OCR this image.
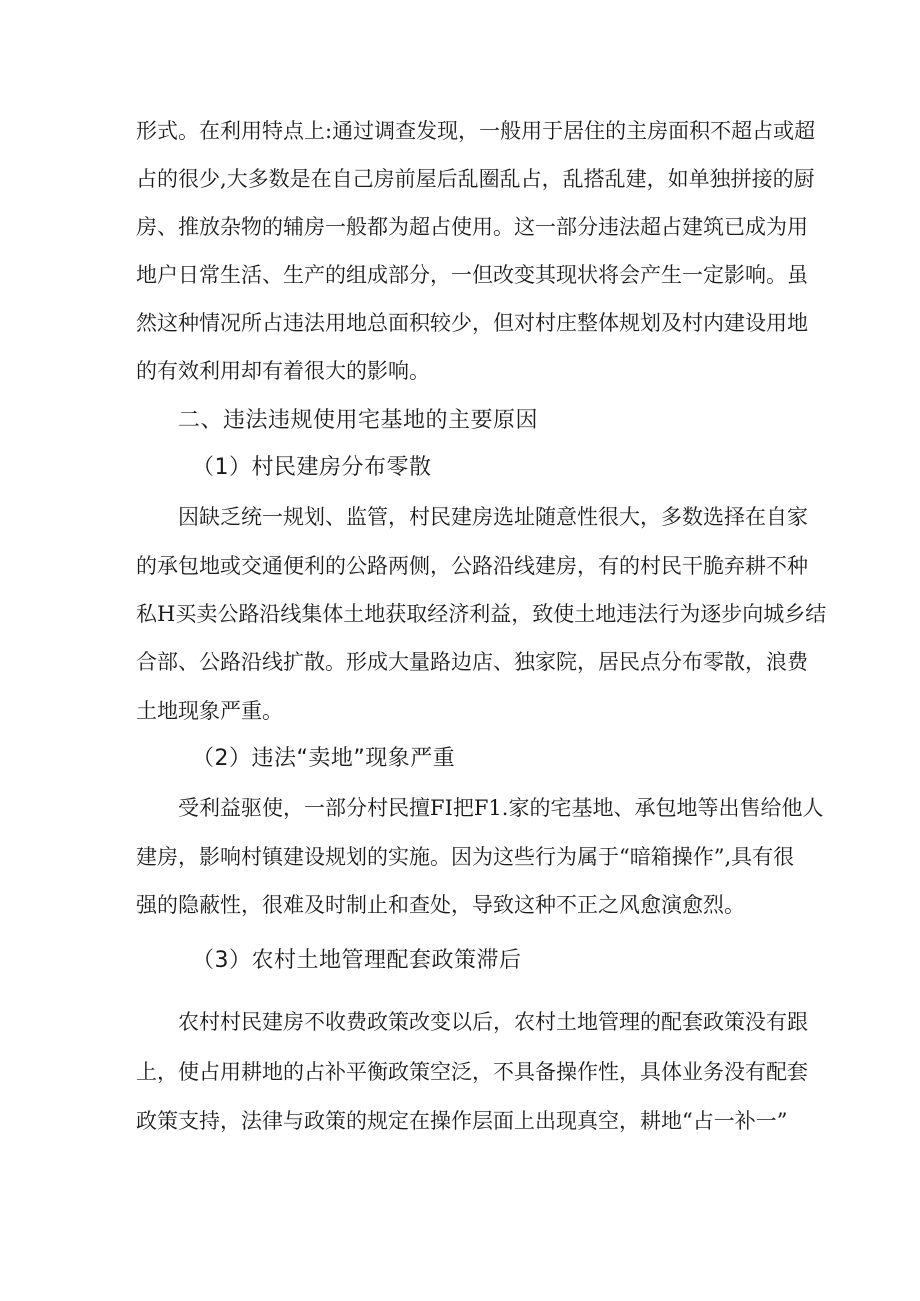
形式。在利用特点上:通过调查发现，一般用于居住的主房面积不超占或超

占的很少,大多数是在自己房前屋后乱圈乱占，乱搭乱建，如单独拼接的厨

房、推放杂物的辅房一般都为超占使用。这一部分违法超占建筑已成为用

地户日常生活、生产的组成部分，一但改变其现状将会产生一定影响。虽

然这种情况所占违法用地总面积较少，但对村庄整体规划及村内建设用地

的有效利用却有着很大的影响。

二、违法违规使用宅基地的主要原因

（1）村民建房分布零散

因缺乏统一规划、监管，村民建房选址随意性很大，多数选择在自家

的承包地或交通便利的公路两侧，公路沿线建房，有的村民干脆弃耕不种

私H买卖公路沿线集体土地获取经济利益，致使土地违法行为逐步向城乡结

合部、公路沿线扩散。形成大量路边店、独家院，居民点分布零散，浪费

土地现象严重。

（2）违法“卖地”现象严重

受利益驱使，一部分村民擅FI把F1.家的宅基地、承包地等出售给他人

建房，影响村镇建设规划的实施。因为这些行为属于“暗箱操作”,具有很

强的隐蔽性，很难及时制止和查处，导致这种不正之风愈演愈烈。

（3）农村土地管理配套政策滞后

农村村民建房不收费政策改变以后，农村土地管理的配套政策没有跟

上，使占用耕地的占补平衡政策空泛，不具备操作性，具体业务没有配套

政策支持，法律与政策的规定在操作层面上出现真空，耕地“占一补一”
